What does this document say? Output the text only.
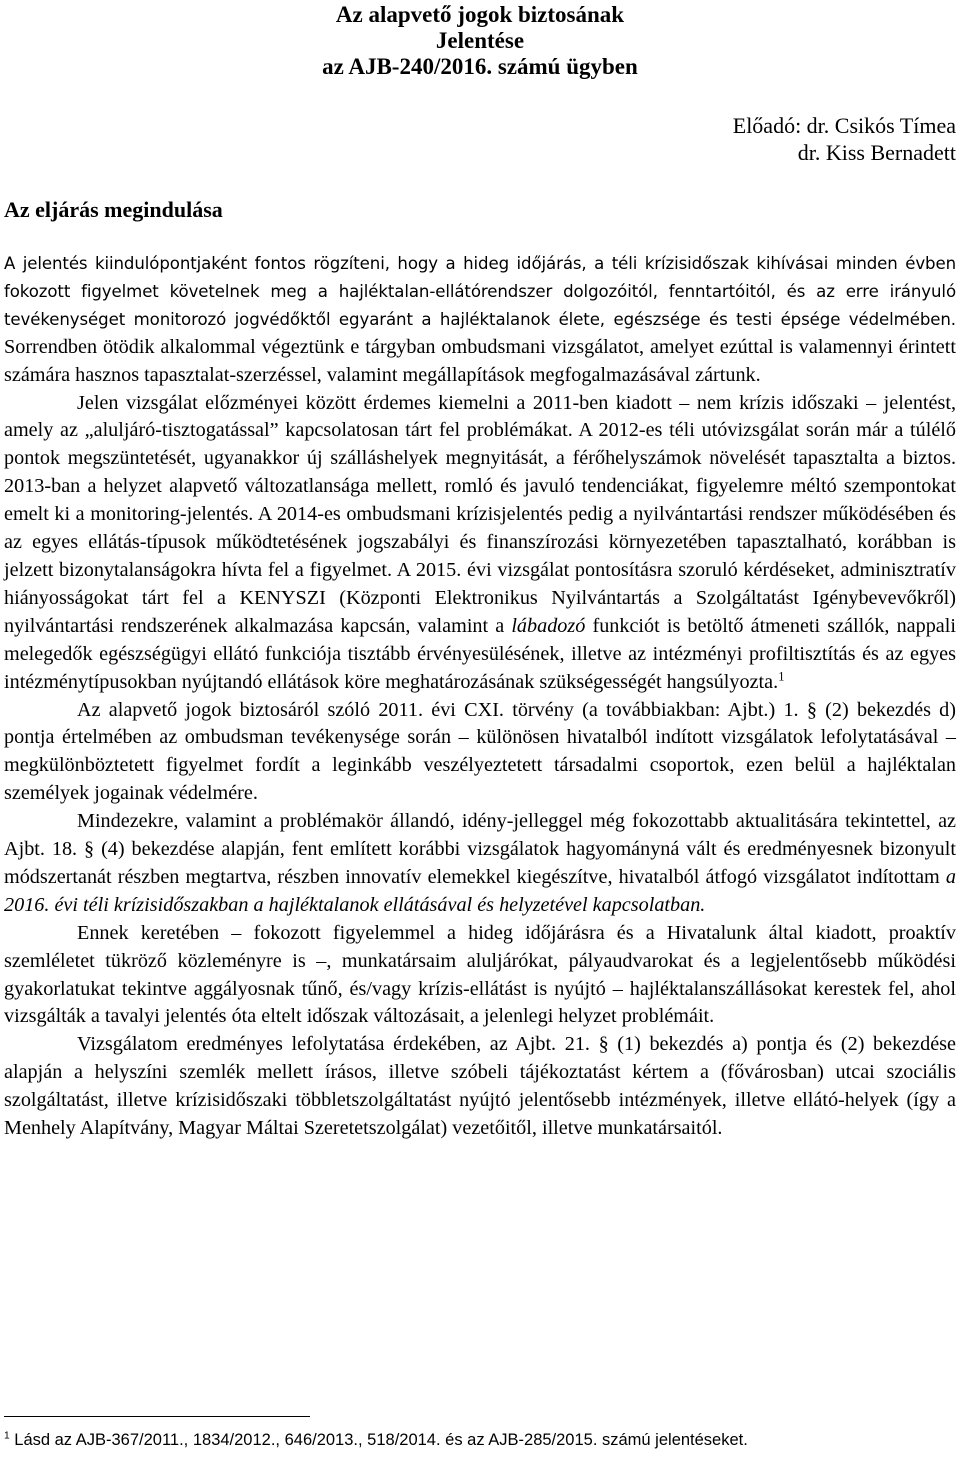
Az alapvető jogok biztosának
Jelentése
az AJB-240/2016. számú ügyben
Előadó: dr. Csikós Tímea
dr. Kiss Bernadett
Az eljárás megindulása

A jelentés kiindulópontjaként fontos rögzíteni, hogy a hideg időjárás, a téli krízisidőszak kihívásai minden évben fokozott figyelmet követelnek meg a hajléktalan-ellátórendszer dolgozóitól, fenntartóitól, és az erre irányuló tevékenységet monitorozó jogvédőktől egyaránt a hajléktalanok élete, egészsége és testi épsége védelmében. Sorrendben ötödik alkalommal végeztünk e tárgyban ombudsmani vizsgálatot, amelyet ezúttal is valamennyi érintett számára hasznos tapasztalat-szerzéssel, valamint megállapítások megfogalmazásával zártunk.

Jelen vizsgálat előzményei között érdemes kiemelni a 2011-ben kiadott – nem krízis időszaki – jelentést, amely az „aluljáró-tisztogatással” kapcsolatosan tárt fel problémákat. A 2012-es téli utóvizsgálat során már a túlélő pontok megszüntetését, ugyanakkor új szálláshelyek megnyitását, a férőhelyszámok növelését tapasztalta a biztos. 2013-ban a helyzet alapvető változatlansága mellett, romló és javuló tendenciákat, figyelemre méltó szempontokat emelt ki a monitoring-jelentés. A 2014-es ombudsmani krízisjelentés pedig a nyilvántartási rendszer működésében és az egyes ellátás-típusok működtetésének jogszabályi és finanszírozási környezetében tapasztalható, korábban is jelzett bizonytalanságokra hívta fel a figyelmet. A 2015. évi vizsgálat pontosításra szoruló kérdéseket, adminisztratív hiányosságokat tárt fel a KENYSZI (Központi Elektronikus Nyilvántartás a Szolgáltatást Igénybevevőkről) nyilvántartási rendszerének alkalmazása kapcsán, valamint a lábadozó funkciót is betöltő átmeneti szállók, nappali melegedők egészségügyi ellátó funkciója tisztább érvényesülésének, illetve az intézményi profiltisztítás és az egyes intézménytípusokban nyújtandó ellátások köre meghatározásának szükségességét hangsúlyozta.$^1$

Az alapvető jogok biztosáról szóló 2011. évi CXI. törvény (a továbbiakban: Ajbt.) 1. § (2) bekezdés d) pontja értelmében az ombudsman tevékenysége során – különösen hivatalból indított vizsgálatok lefolytatásával – megkülönböztetett figyelmet fordít a leginkább veszélyeztetett társadalmi csoportok, ezen belül a hajléktalan személyek jogainak védelmére.

Mindezekre, valamint a problémakör állandó, idény-jelleggel még fokozottabb aktualitására tekintettel, az Ajbt. 18. § (4) bekezdése alapján, fent említett korábbi vizsgálatok hagyományná vált és eredményesnek bizonyult módszertanát részben megtartva, részben innovatív elemekkel kiegészítve, hivatalból átfogó vizsgálatot indítottam a 2016. évi téli krízisidőszakban a hajléktalanok ellátásával és helyzetével kapcsolatban.

Ennek keretében – fokozott figyelemmel a hideg időjárásra és a Hivatalunk által kiadott, proaktív szemléletet tükröző közleményre is –, munkatársaim aluljárókat, pályaudvarokat és a legjelentősebb működési gyakorlatukat tekintve aggályosnak tűnő, és/vagy krízis-ellátást is nyújtó – hajléktalanszállásokat kerestek fel, ahol vizsgálták a tavalyi jelentés óta eltelt időszak változásait, a jelenlegi helyzet problémáit.

Vizsgálatom eredményes lefolytatása érdekében, az Ajbt. 21. § (1) bekezdés a) pontja és (2) bekezdése alapján a helyszíni szemlék mellett írásos, illetve szóbeli tájékoztatást kértem a (fővárosban) utcai szociális szolgáltatást, illetve krízisidőszaki többletszolgáltatást nyújtó jelentősebb intézmények, illetve ellátó-helyek (így a Menhely Alapítvány, Magyar Máltai Szeretetszolgálat) vezetőitől, illetve munkatársaitól.

$^1$ Lásd az AJB-367/2011., 1834/2012., 646/2013., 518/2014. és az AJB-285/2015. számú jelentéseket.
